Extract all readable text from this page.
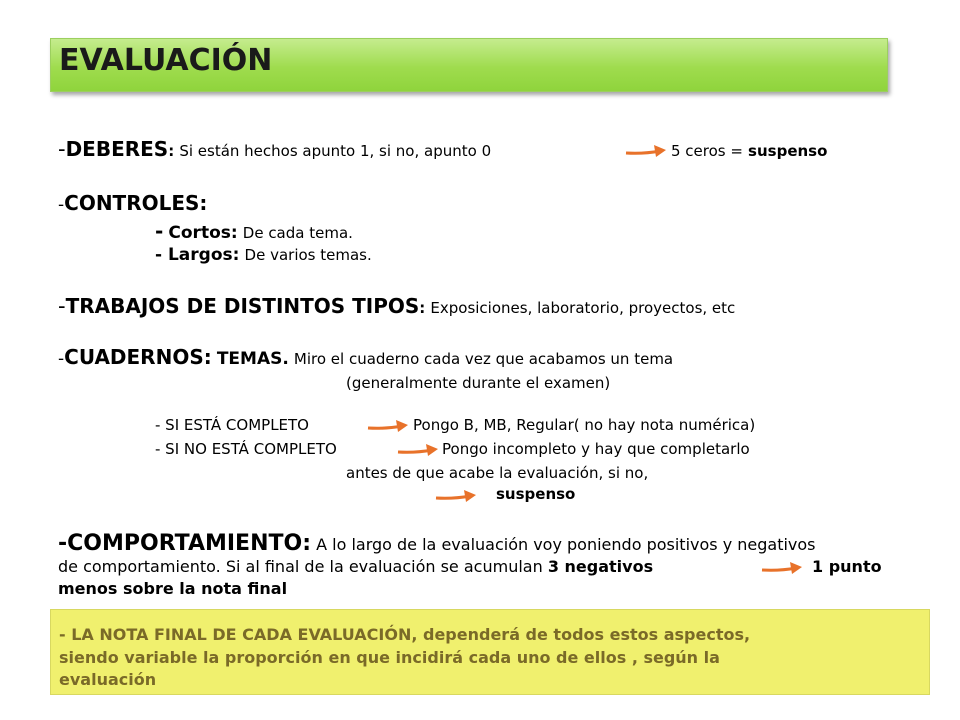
EVALUACIÓN
-DEBERES: Si están hechos apunto 1, si no, apunto 0	5 ceros = suspenso
-CONTROLES:
- Cortos: De cada tema.
- Largos: De varios temas.
-TRABAJOS DE DISTINTOS TIPOS: Exposiciones, laboratorio, proyectos, etc
-CUADERNOS: TEMAS. Miro el cuaderno cada vez que acabamos un tema
(generalmente durante el examen)
- SI ESTÁ COMPLETO	Pongo B, MB, Regular( no hay nota numérica)
- SI NO ESTÁ COMPLETO	Pongo incompleto y hay que completarlo
antes de que acabe la evaluación, si no,
suspenso
-COMPORTAMIENTO: A lo largo de la evaluación voy poniendo positivos y negativos
de comportamiento. Si al final de la evaluación se acumulan 3 negativos	1 punto
menos sobre la nota final
- LA NOTA FINAL DE CADA EVALUACIÓN, dependerá de todos estos aspectos,
siendo variable la proporción en que incidirá cada uno de ellos , según la
evaluación
